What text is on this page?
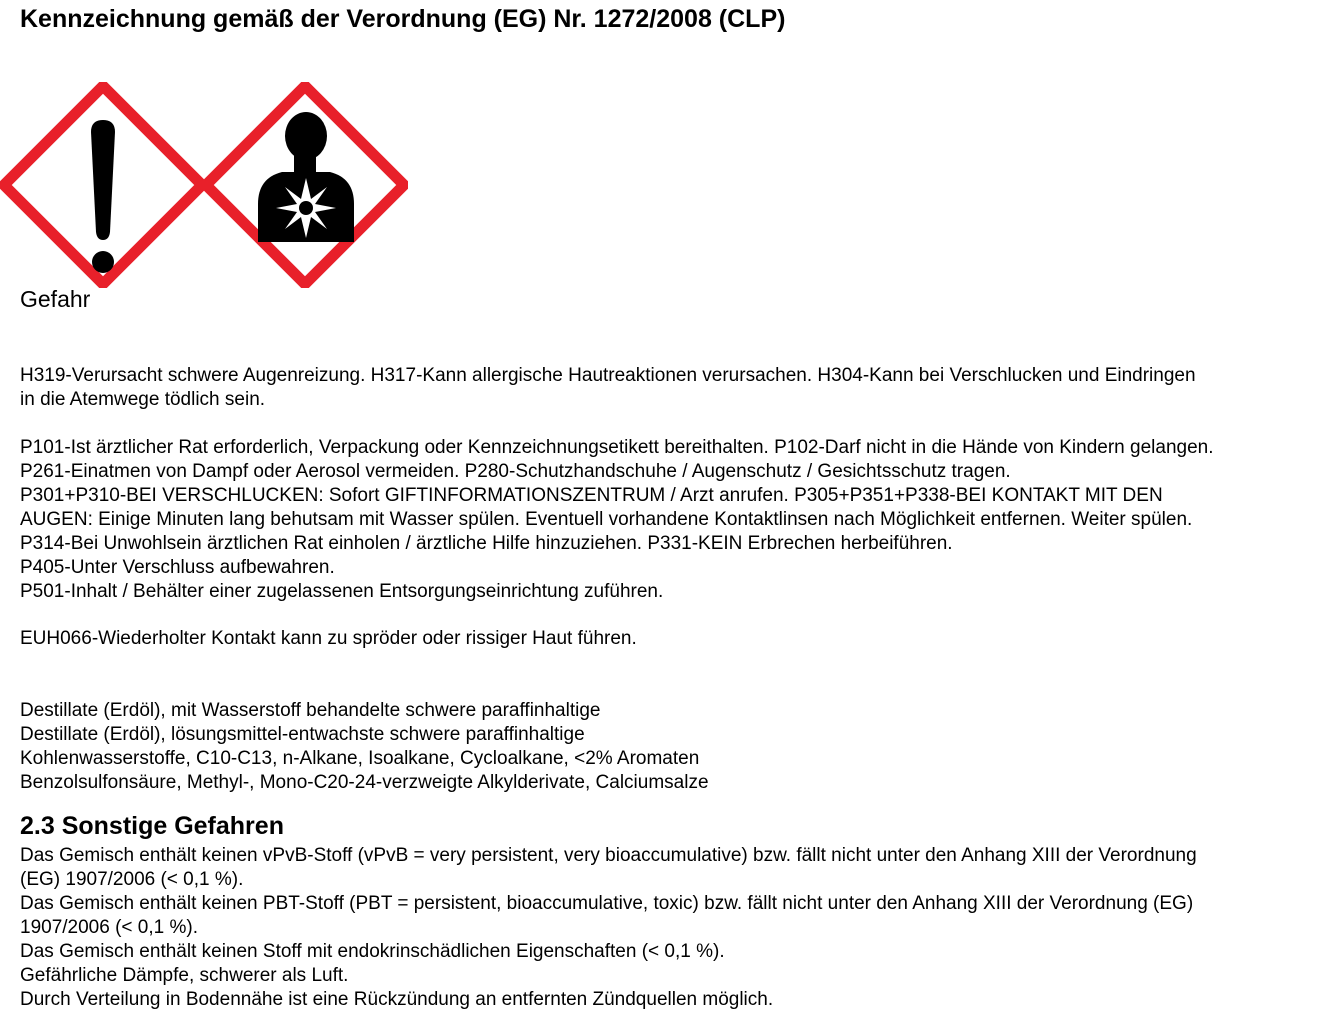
Kennzeichnung gemäß der Verordnung (EG) Nr. 1272/2008 (CLP)
Gefahr
H319-Verursacht schwere Augenreizung. H317-Kann allergische Hautreaktionen verursachen. H304-Kann bei Verschlucken und Eindringen
in die Atemwege tödlich sein.
P101-Ist ärztlicher Rat erforderlich, Verpackung oder Kennzeichnungsetikett bereithalten. P102-Darf nicht in die Hände von Kindern gelangen.
P261-Einatmen von Dampf oder Aerosol vermeiden. P280-Schutzhandschuhe / Augenschutz / Gesichtsschutz tragen.
P301+P310-BEI VERSCHLUCKEN: Sofort GIFTINFORMATIONSZENTRUM / Arzt anrufen. P305+P351+P338-BEI KONTAKT MIT DEN
AUGEN: Einige Minuten lang behutsam mit Wasser spülen. Eventuell vorhandene Kontaktlinsen nach Möglichkeit entfernen. Weiter spülen.
P314-Bei Unwohlsein ärztlichen Rat einholen / ärztliche Hilfe hinzuziehen. P331-KEIN Erbrechen herbeiführen.
P405-Unter Verschluss aufbewahren.
P501-Inhalt / Behälter einer zugelassenen Entsorgungseinrichtung zuführen.
EUH066-Wiederholter Kontakt kann zu spröder oder rissiger Haut führen.
Destillate (Erdöl), mit Wasserstoff behandelte schwere paraffinhaltige
Destillate (Erdöl), lösungsmittel-entwachste schwere paraffinhaltige
Kohlenwasserstoffe, C10-C13, n-Alkane, Isoalkane, Cycloalkane, <2% Aromaten
Benzolsulfonsäure, Methyl-, Mono-C20-24-verzweigte Alkylderivate, Calciumsalze
2.3 Sonstige Gefahren
Das Gemisch enthält keinen vPvB-Stoff (vPvB = very persistent, very bioaccumulative) bzw. fällt nicht unter den Anhang XIII der Verordnung
(EG) 1907/2006 (< 0,1 %).
Das Gemisch enthält keinen PBT-Stoff (PBT = persistent, bioaccumulative, toxic) bzw. fällt nicht unter den Anhang XIII der Verordnung (EG)
1907/2006 (< 0,1 %).
Das Gemisch enthält keinen Stoff mit endokrinschädlichen Eigenschaften (< 0,1 %).
Gefährliche Dämpfe, schwerer als Luft.
Durch Verteilung in Bodennähe ist eine Rückzündung an entfernten Zündquellen möglich.
